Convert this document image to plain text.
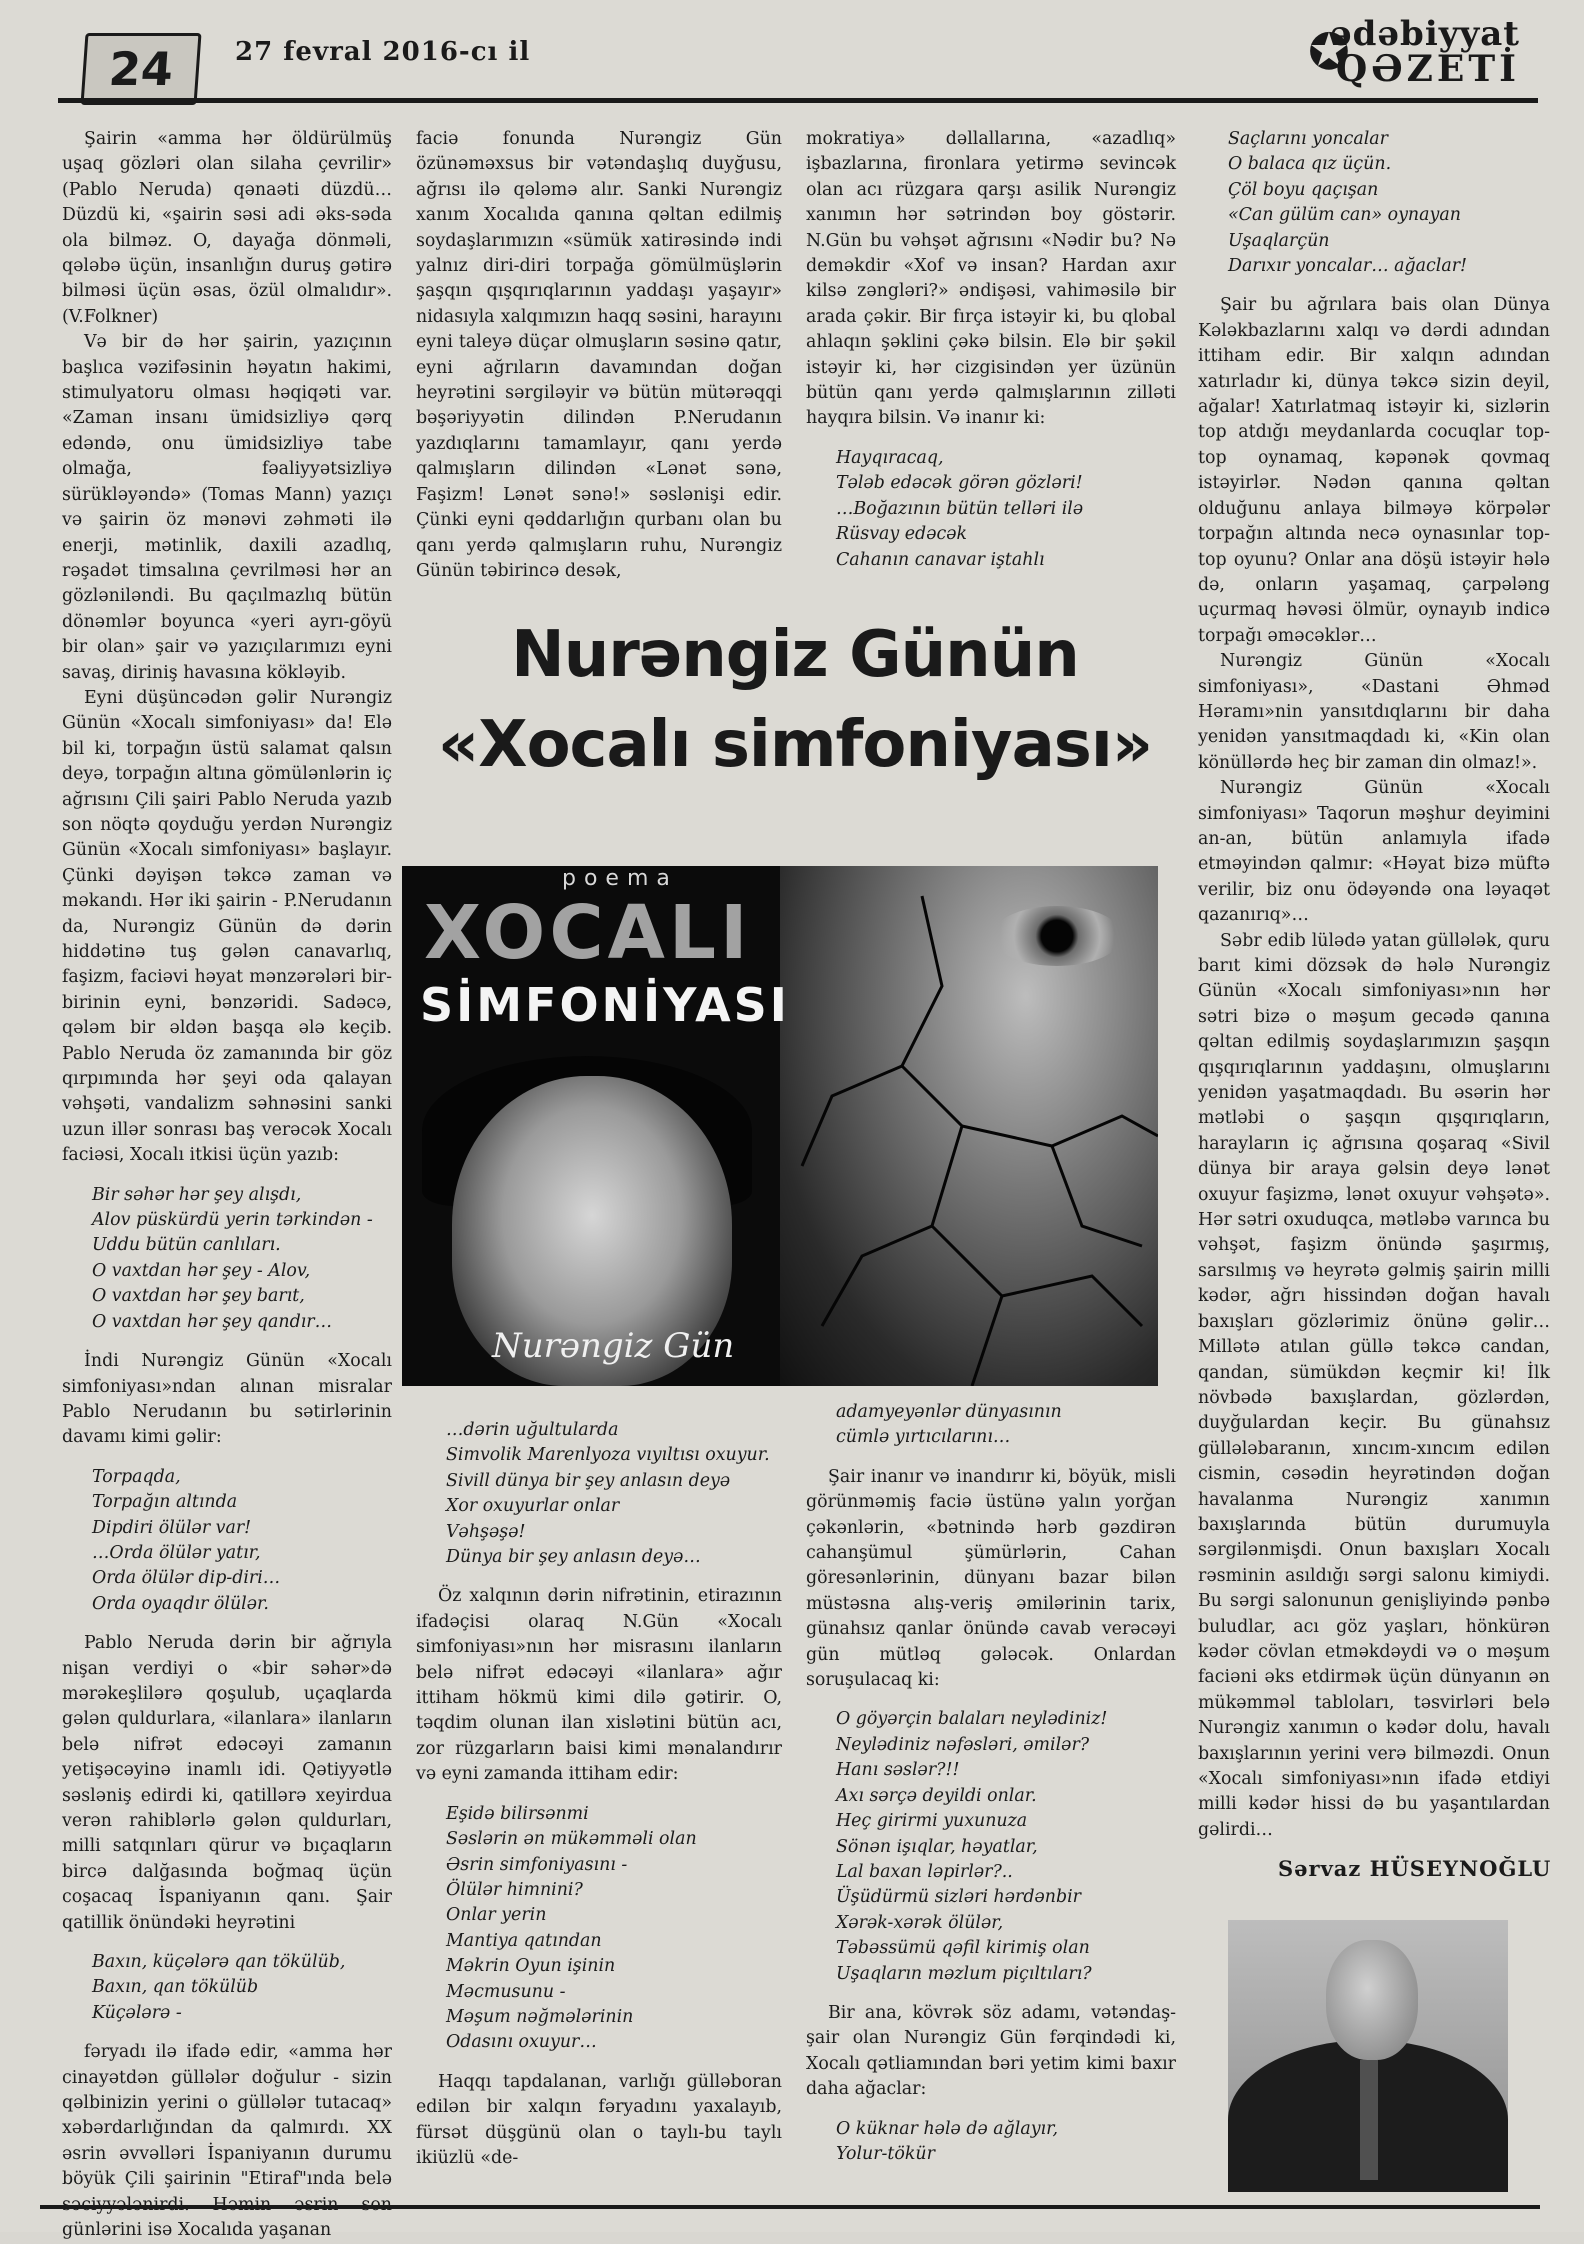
24	27 fevral 2016-cı il	✪
ədəbiyyat
QƏZETİ

Şairin «amma hər öldürülmüş uşaq gözləri olan silaha çevrilir» (Pablo Neruda) qənaəti düzdü… Düzdü ki, «şairin səsi adi əks-səda ola bilməz. O, dayağa dönməli, qələbə üçün, insanlığın duruş gətirə bilməsi üçün əsas, özül olmalıdır». (V.Folkner)

Və bir də hər şairin, yazıçının başlıca vəzifəsinin həyatın hakimi, stimulyatoru olması həqiqəti var. «Zaman insanı ümidsizliyə qərq edəndə, onu ümidsizliyə tabe olmağa, fəaliyyətsizliyə sürükləyəndə» (Tomas Mann) yazıçı və şairin öz mənəvi zəhməti ilə enerji, mətinlik, daxili azadlıq, rəşadət timsalına çevrilməsi hər an gözləniləndi. Bu qaçılmazlıq bütün dönəmlər boyunca «yeri ayrı-göyü bir olan» şair və yazıçılarımızı eyni savaş, diriniş havasına kökləyib.

Eyni düşüncədən gəlir Nurəngiz Günün «Xocalı simfoniyası» da! Elə bil ki, torpağın üstü salamat qalsın deyə, torpağın altına gömülənlərin iç ağrısını Çili şairi Pablo Neruda yazıb son nöqtə qoyduğu yerdən Nurəngiz Günün «Xocalı simfoniyası» başlayır. Çünki dəyişən təkcə zaman və məkandı. Hər iki şairin - P.Nerudanın da, Nurəngiz Günün də dərin hiddətinə tuş gələn canavarlıq, faşizm, faciəvi həyat mənzərələri bir-birinin eyni, bənzəridi. Sadəcə, qələm bir əldən başqa ələ keçib. Pablo Neruda öz zamanında bir göz qırpımında hər şeyi oda qalayan vəhşəti, vandalizm səhnəsini sanki uzun illər sonrası baş verəcək Xocalı faciəsi, Xocalı itkisi üçün yazıb:

Bir səhər hər şey alışdı,
Alov püskürdü yerin tərkindən -
Uddu bütün canlıları.
O vaxtdan hər şey - Alov,
O vaxtdan hər şey barıt,
O vaxtdan hər şey qandır…

İndi Nurəngiz Günün «Xocalı simfoniyası»ndan alınan misralar Pablo Nerudanın bu sətirlərinin davamı kimi gəlir:

Torpaqda,
Torpağın altında
Dipdiri ölülər var!
…Orda ölülər yatır,
Orda ölülər dip-diri…
Orda oyaqdır ölülər.

Pablo Neruda dərin bir ağrıyla nişan verdiyi o «bir səhər»də mərəkeşlilərə qoşulub, uçaqlarda gələn quldurlara, «ilanlara» ilanların belə nifrət edəcəyi zamanın yetişəcəyinə inamlı idi. Qətiyyətlə səsləniş edirdi ki, qatillərə xeyirdua verən rahiblərlə gələn quldurları, milli satqınları qürur və bıçaqların bircə dalğasında boğmaq üçün coşacaq İspaniyanın qanı. Şair qatillik önündəki heyrətini

Baxın, küçələrə qan tökülüb,
Baxın, qan tökülüb
Küçələrə -

fəryadı ilə ifadə edir, «amma hər cinayətdən güllələr doğulur - sizin qəlbinizin yerini o güllələr tutacaq» xəbərdarlığından da qalmırdı. XX əsrin əvvəlləri İspaniyanın durumu böyük Çili şairinin "Etiraf"ında belə günlərini isə Xocalıda yaşanan

faciə fonunda Nurəngiz Gün özünəməxsus bir vətəndaşlıq duyğusu, ağrısı ilə qələmə alır. Sanki Nurəngiz xanım Xocalıda qanına qəltan edilmiş soydaşlarımızın «sümük xatirəsində indi yalnız diri-diri torpağa gömülmüşlərin şaşqın qışqırıqlarının yaddaşı yaşayır» nidasıyla xalqımızın haqq səsini, harayını eyni taleyə düçar olmuşların səsinə qatır, eyni ağrıların davamından doğan heyrətini sərgiləyir və bütün mütərəqqi bəşəriyyətin dilindən P.Nerudanın yazdıqlarını tamamlayır, qanı yerdə qalmışların dilindən «Lənət sənə, Faşizm! Lənət sənə!» səslənişi edir. Çünki eyni qəddarlığın qurbanı olan bu qanı yerdə qalmışların ruhu, Nurəngiz Günün təbirincə desək,

mokratiya» dəllallarına, «azadlıq» işbazlarına, fironlara yetirmə sevincək olan acı rüzgara qarşı asilik Nurəngiz xanımın hər sətrindən boy göstərir. N.Gün bu vəhşət ağrısını «Nədir bu? Nə deməkdir «Xof və insan? Hardan axır kilsə zəngləri?» əndişəsi, vahiməsilə bir arada çəkir. Bir fırça istəyir ki, bu qlobal ahlaqın şəklini çəkə bilsin. Elə bir şəkil istəyir ki, hər cizgisindən yer üzünün bütün qanı yerdə qalmışlarının zilləti hayqıra bilsin. Və inanır ki:

Hayqıracaq,
Tələb edəcək görən gözləri!
…Boğazının bütün telləri ilə
Rüsvay edəcək
Cahanın canavar iştahlı
Nurəngiz Günün
«Xocalı simfoniyası»
poema
XOCALI
SİMFONİYASI
Nurəngiz Gün
…dərin uğultularda
Simvolik Marenlyoza vıyıltısı oxuyur.
Sivill dünya bir şey anlasın deyə
Xor oxuyurlar onlar
Vəhşəşə!
Dünya bir şey anlasın deyə…

Öz xalqının dərin nifrətinin, etirazının ifadəçisi olaraq N.Gün «Xocalı simfoniyası»nın hər misrasını ilanların belə nifrət edəcəyi «ilanlara» ağır ittiham hökmü kimi dilə gətirir. O, təqdim olunan ilan xislətini bütün acı, zor rüzgarların baisi kimi mənalandırır və eyni zamanda ittiham edir:

Eşidə bilirsənmi
Səslərin ən mükəmməli olan
Əsrin simfoniyasını -
Ölülər himnini?
Onlar yerin
Mantiya qatından
Məkrin Oyun işinin
Məcmusunu -
Məşum nəğmələrinin
Odasını oxuyur…

Haqqı tapdalanan, varlığı gülləboran edilən bir xalqın fəryadını yaxalayıb, fürsət düşgünü olan o taylı-bu taylı ikiüzlü «de-

adamyeyənlər dünyasının
cümlə yırtıcılarını…

Şair inanır və inandırır ki, böyük, misli görünməmiş faciə üstünə yalın yorğan çəkənlərin, «bətnində hərb gəzdirən cahanşümul şümürlərin, Cahan göresənlərinin, dünyanı bazar bilən müstəsna alış-veriş əmilərinin tarix, günahsız qanlar önündə cavab verəcəyi gün mütləq gələcək. Onlardan soruşulacaq ki:

O göyərçin balaları neylədiniz!
Neylədiniz nəfəsləri, əmilər?
Hanı səslər?!!
Axı sərçə deyildi onlar.
Heç girirmi yuxunuza
Sönən işıqlar, həyatlar,
Lal baxan ləpirlər?..
Üşüdürmü sizləri hərdənbir
Xərək-xərək ölülər,
Təbəssümü qəfil kirimiş olan
Uşaqların məzlum piçıltıları?

Bir ana, kövrək söz adamı, vətəndaş-şair olan Nurəngiz Gün fərqindədi ki, Xocalı qətliamından bəri yetim kimi baxır daha ağaclar:

O küknar hələ də ağlayır,
Yolur-tökür
Saçlarını yoncalar
O balaca qız üçün.
Çöl boyu qaçışan
«Can gülüm can» oynayan
Uşaqlarçün
Darıxır yoncalar… ağaclar!

Şair bu ağrılara bais olan Dünya Kələkbazlarını xalqı və dərdi adından ittiham edir. Bir xalqın adından xatırladır ki, dünya təkcə sizin deyil, ağalar! Xatırlatmaq istəyir ki, sizlərin top atdığı meydanlarda cocuqlar top-top oynamaq, kəpənək qovmaq istəyirlər. Nədən qanına qəltan olduğunu anlaya bilməyə körpələr torpağın altında necə oynasınlar top-top oyunu? Onlar ana döşü istəyir hələ də, onların yaşamaq, çarpələng uçurmaq həvəsi ölmür, oynayıb indicə torpağı əməcəklər…

Nurəngiz Günün «Xocalı simfoniyası», «Dastani Əhməd Həramı»nin yansıtdıqlarını bir daha yenidən yansıtmaqdadı ki, «Kin olan könüllərdə heç bir zaman din olmaz!».

Nurəngiz Günün «Xocalı simfoniyası» Taqorun məşhur deyimini an-an, bütün anlamıyla ifadə etməyindən qalmır: «Həyat bizə müftə verilir, biz onu ödəyəndə ona ləyaqət qazanırıq»…

Səbr edib lülədə yatan güllələk, quru barıt kimi dözsək də hələ Nurəngiz Günün «Xocalı simfoniyası»nın hər sətri bizə o məşum gecədə qanına qəltan edilmiş soydaşlarımızın şaşqın qışqırıqlarının yaddaşını, olmuşlarını yenidən yaşatmaqdadı. Bu əsərin hər mətləbi o şaşqın qışqırıqların, harayların iç ağrısına qoşaraq «Sivil dünya bir araya gəlsin deyə lənət oxuyur faşizmə, lənət oxuyur vəhşətə». Hər sətri oxuduqca, mətləbə varınca bu vəhşət, faşizm önündə şaşırmış, sarsılmış və heyrətə gəlmiş şairin milli kədər, ağrı hissindən doğan havalı baxışları gözlərimiz önünə gəlir… Millətə atılan güllə təkcə candan, qandan, sümükdən keçmir ki! İlk növbədə baxışlardan, gözlərdən, duyğulardan keçir. Bu günahsız güllələbaranın, xıncım-xıncım edilən cismin, cəsədin heyrətindən doğan havalanma Nurəngiz xanımın baxışlarında bütün durumuyla sərgilənmişdi. Onun baxışları Xocalı rəsminin asıldığı sərgi salonu kimiydi. Bu sərgi salonunun genişliyində pənbə buludlar, acı göz yaşları, hönkürən kədər cövlan etməkdəydi və o məşum faciəni əks etdirmək üçün dünyanın ən mükəmməl tabloları, təsvirləri belə Nurəngiz xanımın o kədər dolu, havalı baxışlarının yerini verə bilməzdi. Onun «Xocalı simfoniyası»nın ifadə etdiyi milli kədər hissi də bu yaşantılardan gəlirdi…

Sərvaz HÜSEYNOĞLU
